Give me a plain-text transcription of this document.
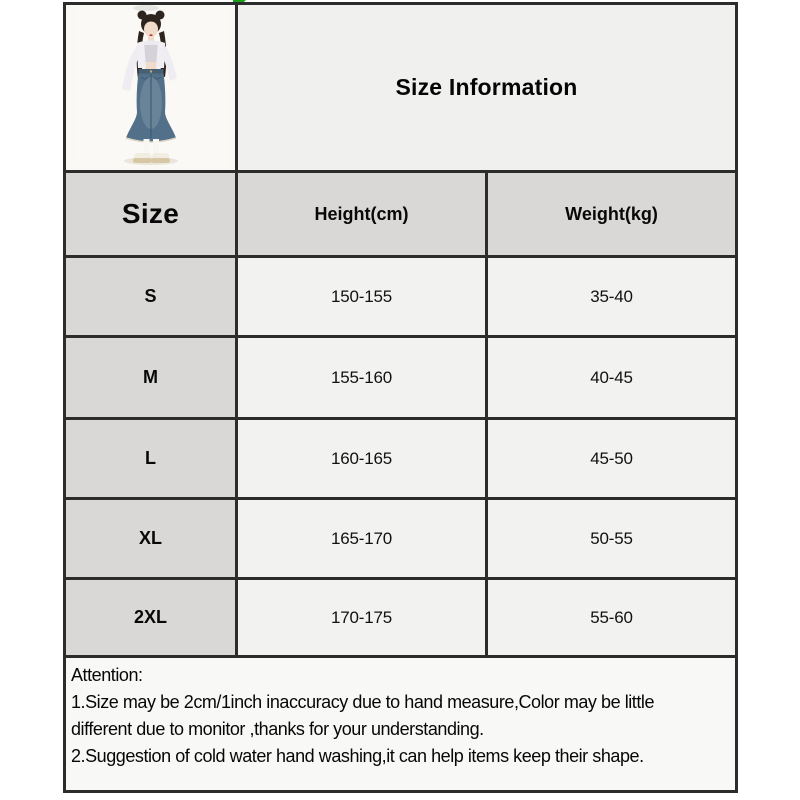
Size Information
Size	Height(cm)	Weight(kg)
S	150-155	35-40
M	155-160	40-45
L	160-165	45-50
XL	165-170	50-55
2XL	170-175	55-60
Attention:
1.Size may be 2cm/1inch inaccuracy due to hand measure,Color may be little
different due to monitor ,thanks for your understanding.
2.Suggestion of cold water hand washing,it can help items keep their shape.
